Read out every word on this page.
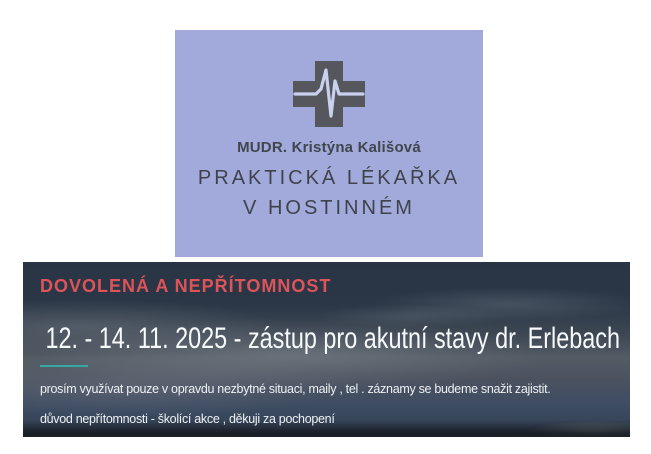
MUDR. Kristýna Kališová
PRAKTICKÁ LÉKAŘKA
V HOSTINNÉM
DOVOLENÁ A NEPŘÍTOMNOST
12. - 14. 11. 2025 - zástup pro akutní stavy dr. Erlebach

prosím využívat pouze v opravdu nezbytné situaci, maily , tel . záznamy se budeme snažit zajistit.

důvod nepřítomnosti - školící akce , děkuji za pochopení
